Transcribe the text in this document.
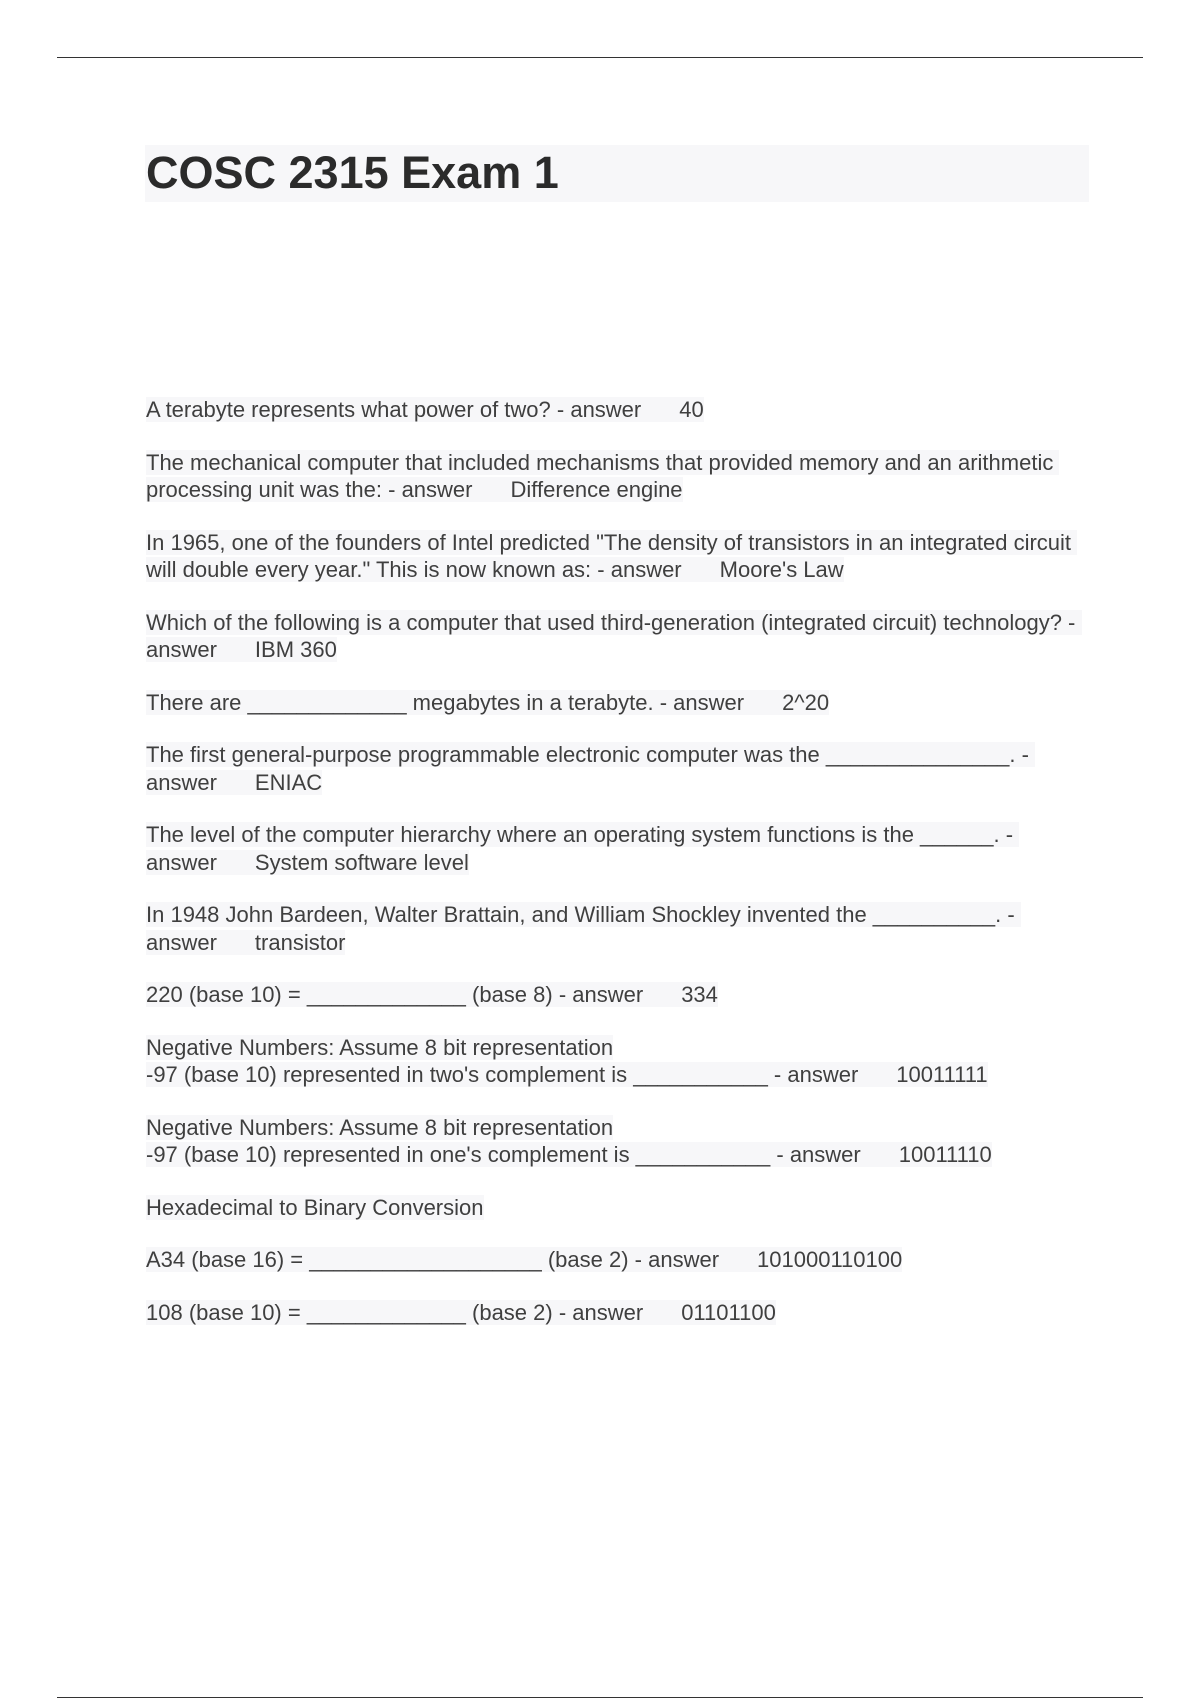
COSC 2315 Exam 1
A terabyte represents what power of two? - answer 40
The mechanical computer that included mechanisms that provided memory and an arithmetic processing unit was the: - answer Difference engine
In 1965, one of the founders of Intel predicted "The density of transistors in an integrated circuit will double every year." This is now known as: - answer Moore's Law
Which of the following is a computer that used third-generation (integrated circuit) technology? - answer IBM 360
There are _____________ megabytes in a terabyte. - answer 2^20
The first general-purpose programmable electronic computer was the _______________. - answer ENIAC
The level of the computer hierarchy where an operating system functions is the ______. - answer System software level
In 1948 John Bardeen, Walter Brattain, and William Shockley invented the __________. - answer transistor
220 (base 10) = _____________ (base 8) - answer 334
Negative Numbers: Assume 8 bit representation
-97 (base 10) represented in two's complement is ___________ - answer 10011111
Negative Numbers: Assume 8 bit representation
-97 (base 10) represented in one's complement is ___________ - answer 10011110
Hexadecimal to Binary Conversion
A34 (base 16) = ___________________ (base 2) - answer 101000110100
108 (base 10) = _____________ (base 2) - answer 01101100
